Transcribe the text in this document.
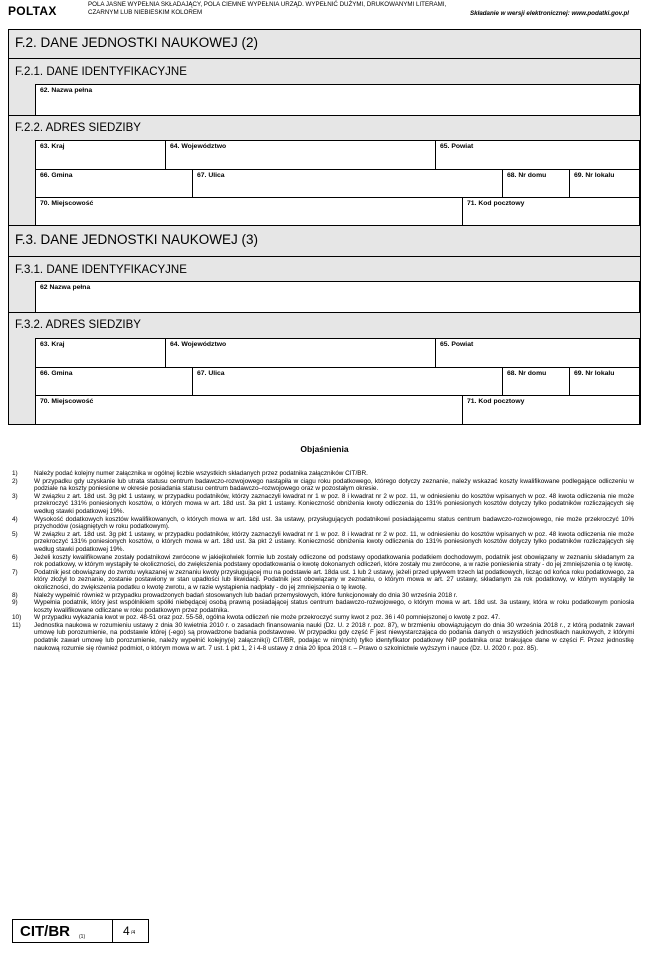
POLTAX	POLA JASNE WYPEŁNIA SKŁADAJĄCY, POLA CIEMNE WYPEŁNIA URZĄD. WYPEŁNIĆ DUŻYMI, DRUKOWANYMI LITERAMI, CZARNYM LUB NIEBIESKIM KOLOREM	Składanie w wersji elektronicznej: www.podatki.gov.pl
F.2. DANE JEDNOSTKI NAUKOWEJ (2)
F.2.1. DANE IDENTYFIKACYJNE
62. Nazwa pełna
F.2.2. ADRES SIEDZIBY
63. Kraj	64. Województwo	65. Powiat
66. Gmina	67. Ulica	68. Nr domu	69. Nr lokalu
70. Miejscowość	71. Kod pocztowy
F.3. DANE JEDNOSTKI NAUKOWEJ (3)
F.3.1. DANE IDENTYFIKACYJNE
62 Nazwa pełna
F.3.2. ADRES SIEDZIBY
63. Kraj	64. Województwo	65. Powiat
66. Gmina	67. Ulica	68. Nr domu	69. Nr lokalu
70. Miejscowość	71. Kod pocztowy
Objaśnienia
1)	Należy podać kolejny numer załącznika w ogólnej liczbie wszystkich składanych przez podatnika załączników CIT/BR.
2)	W przypadku gdy uzyskanie lub utrata statusu centrum badawczo-rozwojowego nastąpiła w ciągu roku podatkowego, którego dotyczy zeznanie, należy wskazać koszty kwalifikowane podlegające odliczeniu w podziale na koszty poniesione w okresie posiadania statusu centrum badawczo–rozwojowego oraz w pozostałym okresie.
3)	W związku z art. 18d ust. 3g pkt 1 ustawy, w przypadku podatników, którzy zaznaczyli kwadrat nr 1 w poz. 8 i kwadrat nr 2 w poz. 11, w odniesieniu do kosztów wpisanych w poz. 48 kwota odliczenia nie może przekroczyć 131% poniesionych kosztów, o których mowa w art. 18d ust. 3a pkt 1 ustawy. Konieczność obniżenia kwoty odliczenia do 131% poniesionych kosztów dotyczy tylko podatników rozliczających się według stawki podatkowej 19%.
4)	Wysokość dodatkowych kosztów kwalifikowanych, o których mowa w art. 18d ust. 3a ustawy, przysługujących podatnikowi posiadającemu status centrum badawczo-rozwojowego, nie może przekroczyć 10% przychodów (osiągniętych w roku podatkowym).
5)	W związku z art. 18d ust. 3g pkt 1 ustawy, w przypadku podatników, którzy zaznaczyli kwadrat nr 1 w poz. 8 i kwadrat nr 2 w poz. 11, w odniesieniu do kosztów wpisanych w poz. 48 kwota odliczenia nie może przekroczyć 131% poniesionych kosztów, o których mowa w art. 18d ust. 3a pkt 2 ustawy. Konieczność obniżenia kwoty odliczenia do 131% poniesionych kosztów dotyczy tylko podatników rozliczających się według stawki podatkowej 19%.
6)	Jeżeli koszty kwalifikowane zostały podatnikowi zwrócone w jakiejkolwiek formie lub zostały odliczone od podstawy opodatkowania podatkiem dochodowym, podatnik jest obowiązany w zeznaniu składanym za rok podatkowy, w którym wystąpiły te okoliczności, do zwiększenia podstawy opodatkowania o kwotę dokonanych odliczeń, które zostały mu zwrócone, a w razie poniesienia straty - do jej zmniejszenia o tę kwotę.
7)	Podatnik jest obowiązany do zwrotu wykazanej w zeznaniu kwoty przysługującej mu na podstawie art. 18da ust. 1 lub 2 ustawy, jeżeli przed upływem trzech lat podatkowych, licząc od końca roku podatkowego, za który złożył to zeznanie, zostanie postawiony w stan upadłości lub likwidacji. Podatnik jest obowiązany w zeznaniu, o którym mowa w art. 27 ustawy, składanym za rok podatkowy, w którym wystąpiły te okoliczności, do zwiększenia podatku o kwotę zwrotu, a w razie wystąpienia nadpłaty - do jej zmniejszenia o tę kwotę.
8)	Należy wypełnić również w przypadku prowadzonych badań stosowanych lub badań przemysłowych, które funkcjonowały do dnia 30 września 2018 r.
9)	Wypełnia podatnik, który jest wspólnikiem spółki niebędącej osobą prawną posiadającej status centrum badawczo-rozwojowego, o którym mowa w art. 18d ust. 3a ustawy, która w roku podatkowym poniosła koszty kwalifikowane odliczane w roku podatkowym przez podatnika.
10)	W przypadku wykazania kwot w poz. 48-51 oraz poz. 55-58, ogólna kwota odliczeń nie może przekroczyć sumy kwot z poz. 36 i 40 pomniejszonej o kwotę z poz. 47.
11)	Jednostka naukowa w rozumieniu ustawy z dnia 30 kwietnia 2010 r. o zasadach finansowania nauki (Dz. U. z 2018 r. poz. 87), w brzmieniu obowiązującym do dnia 30 września 2018 r., z którą podatnik zawarł umowę lub porozumienie, na podstawie której (-ego) są prowadzone badania podstawowe. W przypadku gdy część F jest niewystarczająca do podania danych o wszystkich jednostkach naukowych, z którymi podatnik zawarł umowę lub porozumienie, należy wypełnić kolejny(e) załącznik(i) CIT/BR, podając w nim(nich) tylko identyfikator podatkowy NIP podatnika oraz brakujące dane w części F. Przez jednostkę naukową rozumie się również podmiot, o którym mowa w art. 7 ust. 1 pkt 1, 2 i 4-8 ustawy z dnia 20 lipca 2018 r. – Prawo o szkolnictwie wyższym i nauce (Dz. U. 2020 r. poz. 85).
CIT/BR (1)	4 /4
